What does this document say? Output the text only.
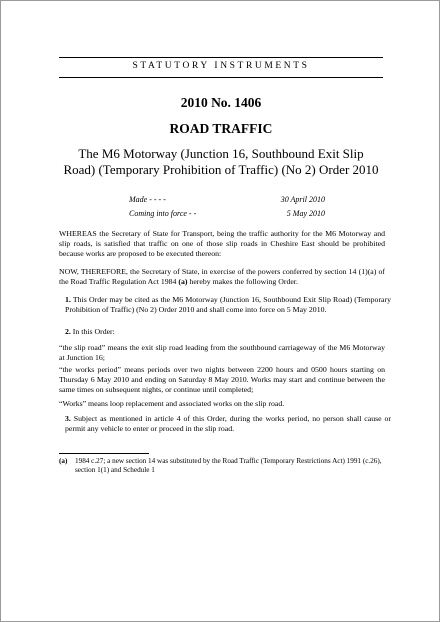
STATUTORY INSTRUMENTS
2010 No. 1406
ROAD TRAFFIC
The M6 Motorway (Junction 16, Southbound Exit Slip Road) (Temporary Prohibition of Traffic) (No 2) Order 2010
Made - - - -	30 April 2010
Coming into force - -	5 May 2010
WHEREAS the Secretary of State for Transport, being the traffic authority for the M6 Motorway and slip roads, is satisfied that traffic on one of those slip roads in Cheshire East should be prohibited because works are proposed to be executed thereon:
NOW, THEREFORE, the Secretary of State, in exercise of the powers conferred by section 14 (1)(a) of the Road Traffic Regulation Act 1984 (a) hereby makes the following Order.
1. This Order may be cited as the M6 Motorway (Junction 16, Southbound Exit Slip Road) (Temporary Prohibition of Traffic) (No 2) Order 2010 and shall come into force on 5 May 2010.
2. In this Order:
“the slip road” means the exit slip road leading from the southbound carriageway of the M6 Motorway at Junction 16;
“the works period” means periods over two nights between 2200 hours and 0500 hours starting on Thursday 6 May 2010 and ending on Saturday 8 May 2010. Works may start and continue between the same times on subsequent nights, or continue until completed;
“Works” means loop replacement and associated works on the slip road.
3. Subject as mentioned in article 4 of this Order, during the works period, no person shall cause or permit any vehicle to enter or proceed in the slip road.
(a)	1984 c.27; a new section 14 was substituted by the Road Traffic (Temporary Restrictions Act) 1991 (c.26), section 1(1) and Schedule 1
